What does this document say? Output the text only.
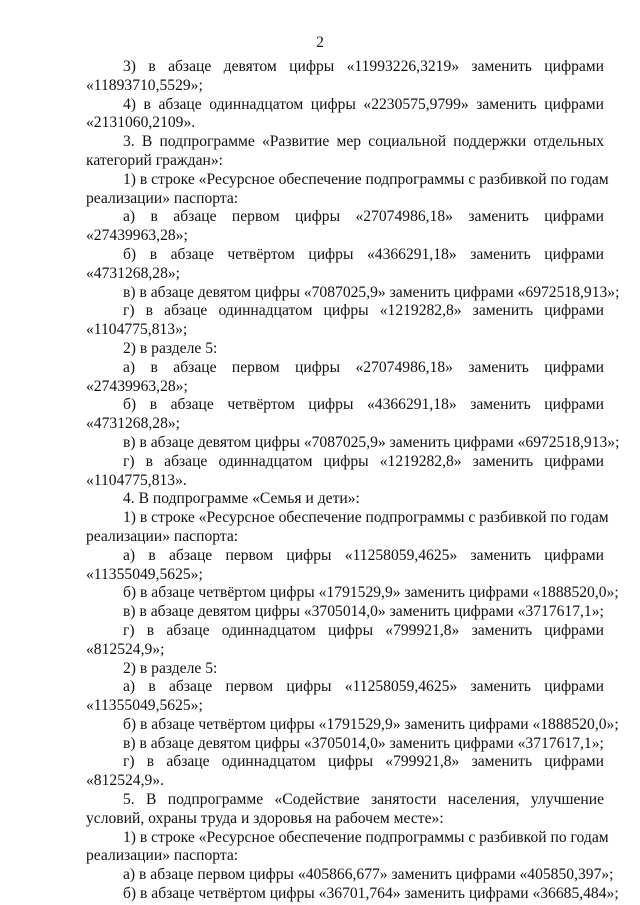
2
3) в абзаце девятом цифры «11993226,3219» заменить цифрами
«11893710,5529»;
4) в абзаце одиннадцатом цифры «2230575,9799» заменить цифрами
«2131060,2109».
3. В подпрограмме «Развитие мер социальной поддержки отдельных
категорий граждан»:
1) в строке «Ресурсное обеспечение подпрограммы с разбивкой по годам
реализации» паспорта:
а) в абзаце первом цифры «27074986,18» заменить цифрами
«27439963,28»;
б) в абзаце четвёртом цифры «4366291,18» заменить цифрами
«4731268,28»;
в) в абзаце девятом цифры «7087025,9» заменить цифрами «6972518,913»;
г) в абзаце одиннадцатом цифры «1219282,8» заменить цифрами
«1104775,813»;
2) в разделе 5:
а) в абзаце первом цифры «27074986,18» заменить цифрами
«27439963,28»;
б) в абзаце четвёртом цифры «4366291,18» заменить цифрами
«4731268,28»;
в) в абзаце девятом цифры «7087025,9» заменить цифрами «6972518,913»;
г) в абзаце одиннадцатом цифры «1219282,8» заменить цифрами
«1104775,813».
4. В подпрограмме «Семья и дети»:
1) в строке «Ресурсное обеспечение подпрограммы с разбивкой по годам
реализации» паспорта:
а) в абзаце первом цифры «11258059,4625» заменить цифрами
«11355049,5625»;
б) в абзаце четвёртом цифры «1791529,9» заменить цифрами «1888520,0»;
в) в абзаце девятом цифры «3705014,0» заменить цифрами «3717617,1»;
г) в абзаце одиннадцатом цифры «799921,8» заменить цифрами
«812524,9»;
2) в разделе 5:
а) в абзаце первом цифры «11258059,4625» заменить цифрами
«11355049,5625»;
б) в абзаце четвёртом цифры «1791529,9» заменить цифрами «1888520,0»;
в) в абзаце девятом цифры «3705014,0» заменить цифрами «3717617,1»;
г) в абзаце одиннадцатом цифры «799921,8» заменить цифрами
«812524,9».
5. В подпрограмме «Содействие занятости населения, улучшение
условий, охраны труда и здоровья на рабочем месте»:
1) в строке «Ресурсное обеспечение подпрограммы с разбивкой по годам
реализации» паспорта:
а) в абзаце первом цифры «405866,677» заменить цифрами «405850,397»;
б) в абзаце четвёртом цифры «36701,764» заменить цифрами «36685,484»;
